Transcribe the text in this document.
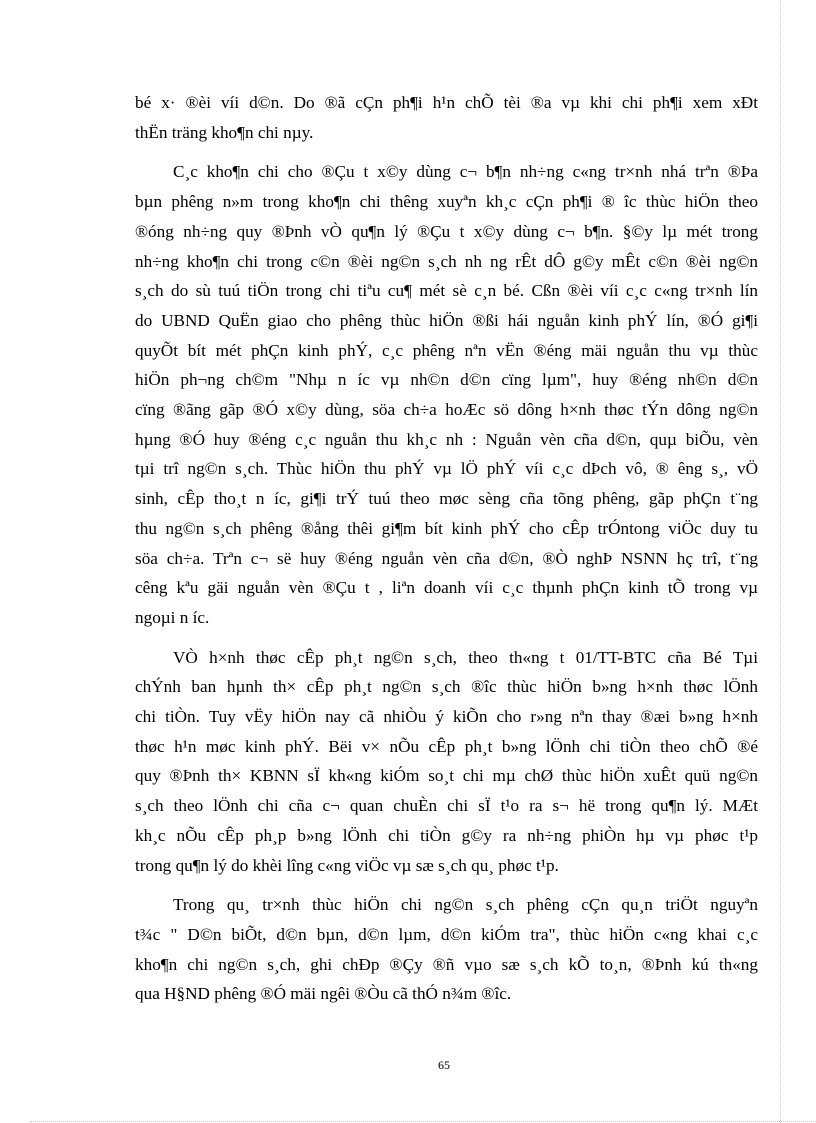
bé x· ®èi víi d©n. Do ®ã cÇn ph¶i h¹n chÕ tèi ®a vµ khi chi ph¶i xem xÐt
thËn träng kho¶n chi nµy.
C¸c kho¶n chi cho ®Çu t x©y dùng c¬ b¶n nh÷ng c«ng tr×nh nhá trªn ®Þa
bµn phêng n»m trong kho¶n chi thêng xuyªn kh¸c cÇn ph¶i ® îc thùc hiÖn theo
®óng nh÷ng quy ®Þnh vÒ qu¶n lý ®Çu t x©y dùng c¬ b¶n. §©y lµ mét trong
nh÷ng kho¶n chi trong c©n ®èi ng©n s¸ch nh ng rÊt dÔ g©y mÊt c©n ®èi ng©n
s¸ch do sù tuú tiÖn trong chi tiªu cu¶ mét sè c¸n bé. Cßn ®èi víi c¸c c«ng tr×nh lín
do UBND QuËn giao cho phêng thùc hiÖn ®ßi hái nguån kinh phÝ lín, ®Ó gi¶i
quyÕt bít mét phÇn kinh phÝ, c¸c phêng nªn vËn ®éng mäi nguån thu vµ thùc
hiÖn ph¬ng ch©m "Nhµ n íc vµ nh©n d©n cïng lµm", huy ®éng nh©n d©n
cïng ®ãng gãp ®Ó x©y dùng, söa ch÷a hoÆc sö dông h×nh thøc tÝn dông ng©n
hµng ®Ó huy ®éng c¸c nguån thu kh¸c nh : Nguån vèn cña d©n, quµ biÕu, vèn
tµi trî ng©n s¸ch. Thùc hiÖn thu phÝ vµ lÖ phÝ víi c¸c dÞch vô, ® êng s¸, vÖ
sinh, cÊp tho¸t n íc, gi¶i trÝ tuú theo møc sèng cña tõng phêng, gãp phÇn t¨ng
thu ng©n s¸ch phêng ®ång thêi gi¶m bít kinh phÝ cho cÊp trÓntong viÖc duy tu
söa ch÷a. Trªn c¬ së huy ®éng nguån vèn cña d©n, ®Ò nghÞ NSNN hç trî, t¨ng
cêng kªu gäi nguån vèn ®Çu t , liªn doanh víi c¸c thµnh phÇn kinh tÕ trong vµ
ngoµi n íc.
VÒ h×nh thøc cÊp ph¸t ng©n s¸ch, theo th«ng t 01/TT-BTC cña Bé Tµi
chÝnh ban hµnh th× cÊp ph¸t ng©n s¸ch ®îc thùc hiÖn b»ng h×nh thøc lÖnh
chi tiÒn. Tuy vËy hiÖn nay cã nhiÒu ý kiÕn cho r»ng nªn thay ®æi b»ng h×nh
thøc h¹n møc kinh phÝ. Bëi v× nÕu cÊp ph¸t b»ng lÖnh chi tiÒn theo chÕ ®é
quy ®Þnh th× KBNN sÏ kh«ng kiÓm so¸t chi mµ chØ thùc hiÖn xuÊt quü ng©n
s¸ch theo lÖnh chi cña c¬ quan chuÈn chi sÏ t¹o ra s¬ hë trong qu¶n lý. MÆt
kh¸c nÕu cÊp ph¸p b»ng lÖnh chi tiÒn g©y ra nh÷ng phiÒn hµ vµ phøc t¹p
trong qu¶n lý do khèi lîng c«ng viÖc vµ sæ s¸ch qu¸ phøc t¹p.
Trong qu¸ tr×nh thùc hiÖn chi ng©n s¸ch phêng cÇn qu¸n triÖt nguyªn
t¾c " D©n biÕt, d©n bµn, d©n lµm, d©n kiÓm tra", thùc hiÖn c«ng khai c¸c
kho¶n chi ng©n s¸ch, ghi chÐp ®Çy ®ñ vµo sæ s¸ch kÕ to¸n, ®Þnh kú th«ng
qua H§ND phêng ®Ó mäi ngêi ®Òu cã thÓ n¾m ®îc.
65
